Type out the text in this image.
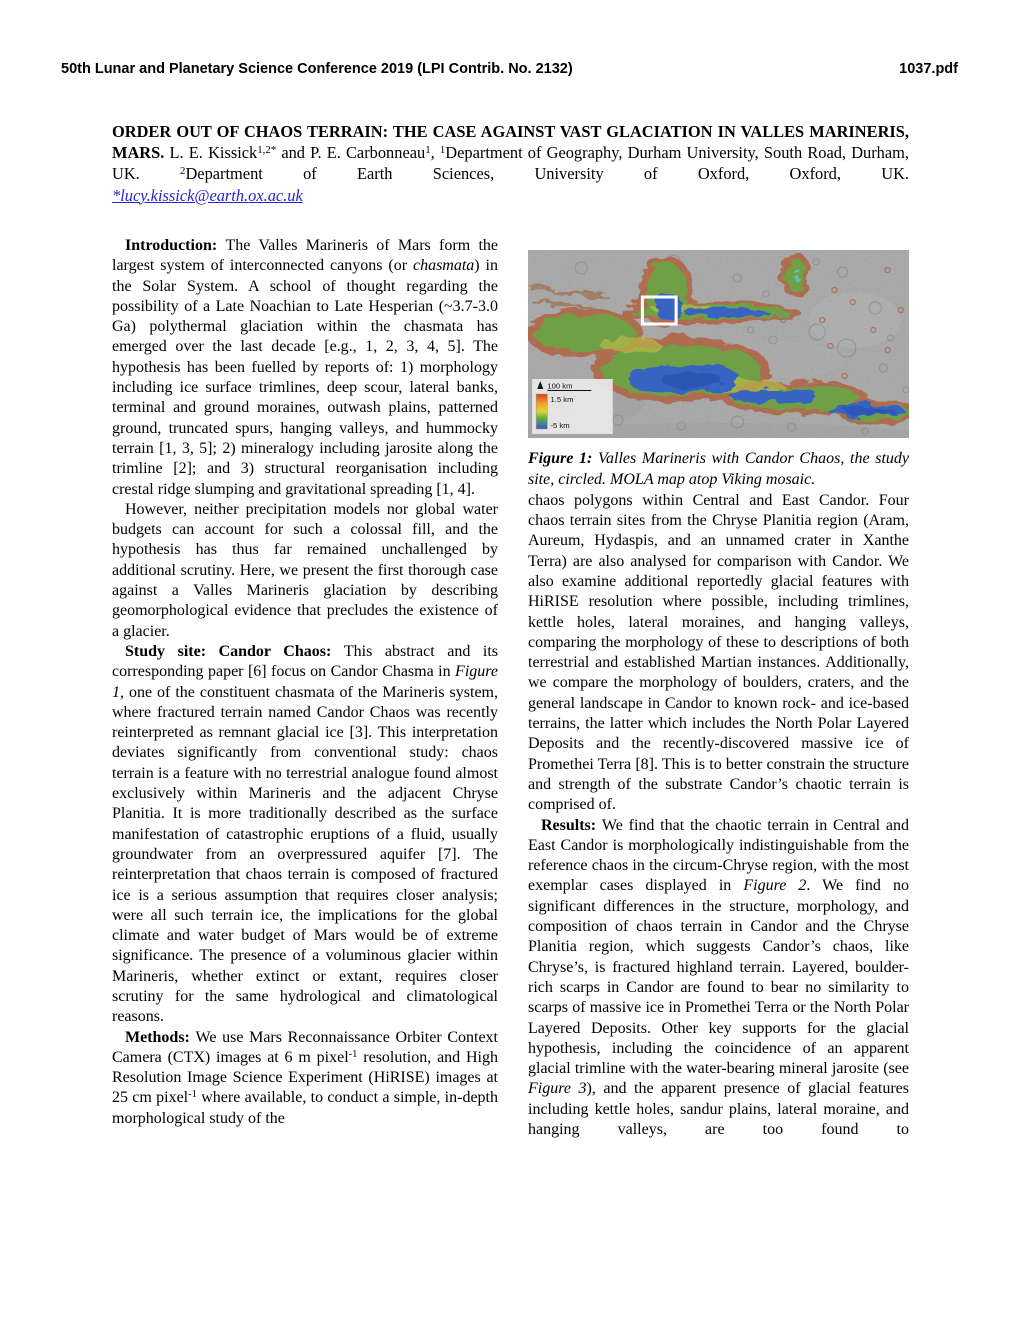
50th Lunar and Planetary Science Conference 2019 (LPI Contrib. No. 2132)	1037.pdf
ORDER OUT OF CHAOS TERRAIN: THE CASE AGAINST VAST GLACIATION IN VALLES MARINERIS, MARS. L. E. Kissick$^{1,2*}$ and P. E. Carbonneau$^1$, $^1$Department of Geography, Durham University, South Road, Durham, UK. $^2$Department of Earth Sciences, University of Oxford, Oxford, UK.
*lucy.kissick@earth.ox.ac.uk

Introduction: The Valles Marineris of Mars form the largest system of interconnected canyons (or chasmata) in the Solar System. A school of thought regarding the possibility of a Late Noachian to Late Hesperian (~3.7-3.0 Ga) polythermal glaciation within the chasmata has emerged over the last decade [e.g., 1, 2, 3, 4, 5]. The hypothesis has been fuelled by reports of: 1) morphology including ice surface trimlines, deep scour, lateral banks, terminal and ground moraines, outwash plains, patterned ground, truncated spurs, hanging valleys, and hummocky terrain [1, 3, 5]; 2) mineralogy including jarosite along the trimline [2]; and 3) structural reorganisation including crestal ridge slumping and gravitational spreading [1, 4].

However, neither precipitation models nor global water budgets can account for such a colossal fill, and the hypothesis has thus far remained unchallenged by additional scrutiny. Here, we present the first thorough case against a Valles Marineris glaciation by describing geomorphological evidence that precludes the existence of a glacier.

Study site: Candor Chaos: This abstract and its corresponding paper [6] focus on Candor Chasma in Figure 1, one of the constituent chasmata of the Marineris system, where fractured terrain named Candor Chaos was recently reinterpreted as remnant glacial ice [3]. This interpretation deviates significantly from conventional study: chaos terrain is a feature with no terrestrial analogue found almost exclusively within Marineris and the adjacent Chryse Planitia. It is more traditionally described as the surface manifestation of catastrophic eruptions of a fluid, usually groundwater from an overpressured aquifer [7]. The reinterpretation that chaos terrain is composed of fractured ice is a serious assumption that requires closer analysis; were all such terrain ice, the implications for the global climate and water budget of Mars would be of extreme significance. The presence of a voluminous glacier within Marineris, whether extinct or extant, requires closer scrutiny for the same hydrological and climatological reasons.

Methods: We use Mars Reconnaissance Orbiter Context Camera (CTX) images at 6 m pixel$^{-1}$ resolution, and High Resolution Image Science Experiment (HiRISE) images at 25 cm pixel$^{-1}$ where available, to conduct a simple, in-depth morphological study of the

100 km
1.5 km
-5 km

Figure 1: Valles Marineris with Candor Chaos, the study site, circled. MOLA map atop Viking mosaic.

chaos polygons within Central and East Candor. Four chaos terrain sites from the Chryse Planitia region (Aram, Aureum, Hydaspis, and an unnamed crater in Xanthe Terra) are also analysed for comparison with Candor. We also examine additional reportedly glacial features with HiRISE resolution where possible, including trimlines, kettle holes, lateral moraines, and hanging valleys, comparing the morphology of these to descriptions of both terrestrial and established Martian instances. Additionally, we compare the morphology of boulders, craters, and the general landscape in Candor to known rock- and ice-based terrains, the latter which includes the North Polar Layered Deposits and the recently-discovered massive ice of Promethei Terra [8]. This is to better constrain the structure and strength of the substrate Candor’s chaotic terrain is comprised of.

Results: We find that the chaotic terrain in Central and East Candor is morphologically indistinguishable from the reference chaos in the circum-Chryse region, with the most exemplar cases displayed in Figure 2. We find no significant differences in the structure, morphology, and composition of chaos terrain in Candor and the Chryse Planitia region, which suggests Candor’s chaos, like Chryse’s, is fractured highland terrain. Layered, boulder-rich scarps in Candor are found to bear no similarity to scarps of massive ice in Promethei Terra or the North Polar Layered Deposits. Other key supports for the glacial hypothesis, including the coincidence of an apparent glacial trimline with the water-bearing mineral jarosite (see Figure 3), and the apparent presence of glacial features including kettle holes, sandur plains, lateral moraine, and hanging valleys, are too found to
